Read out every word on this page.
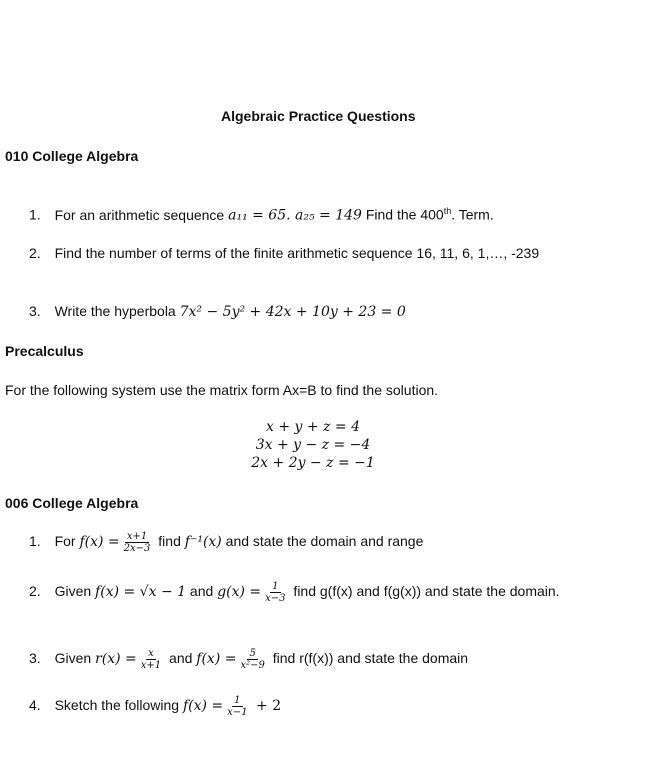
Algebraic Practice Questions
010 College Algebra
1. For an arithmetic sequence a₁₁ = 65. a₂₅ = 149 Find the 400th. Term.
2. Find the number of terms of the finite arithmetic sequence 16, 11, 6, 1,…, -239
3. Write the hyperbola 7x² − 5y² + 42x + 10y + 23 = 0
Precalculus
For the following system use the matrix form Ax=B to find the solution.
x + y + z = 4
3x + y − z = −4
2x + 2y − z = −1
006 College Algebra
1. For $f(x) = \frac{x+1}{2x-3}$ find f⁻¹(x) and state the domain and range
2. Given f(x) = √x − 1 and $g(x) = \frac{1}{x-3}$ find g(f(x) and f(g(x)) and state the domain.
3. Given $r(x) = \frac{x}{x+1}$ and $f(x) = \frac{5}{\text{x²−9}}$ find r(f(x)) and state the domain
4. Sketch the following $f(x) = \frac{1}{x-1} + 2$
